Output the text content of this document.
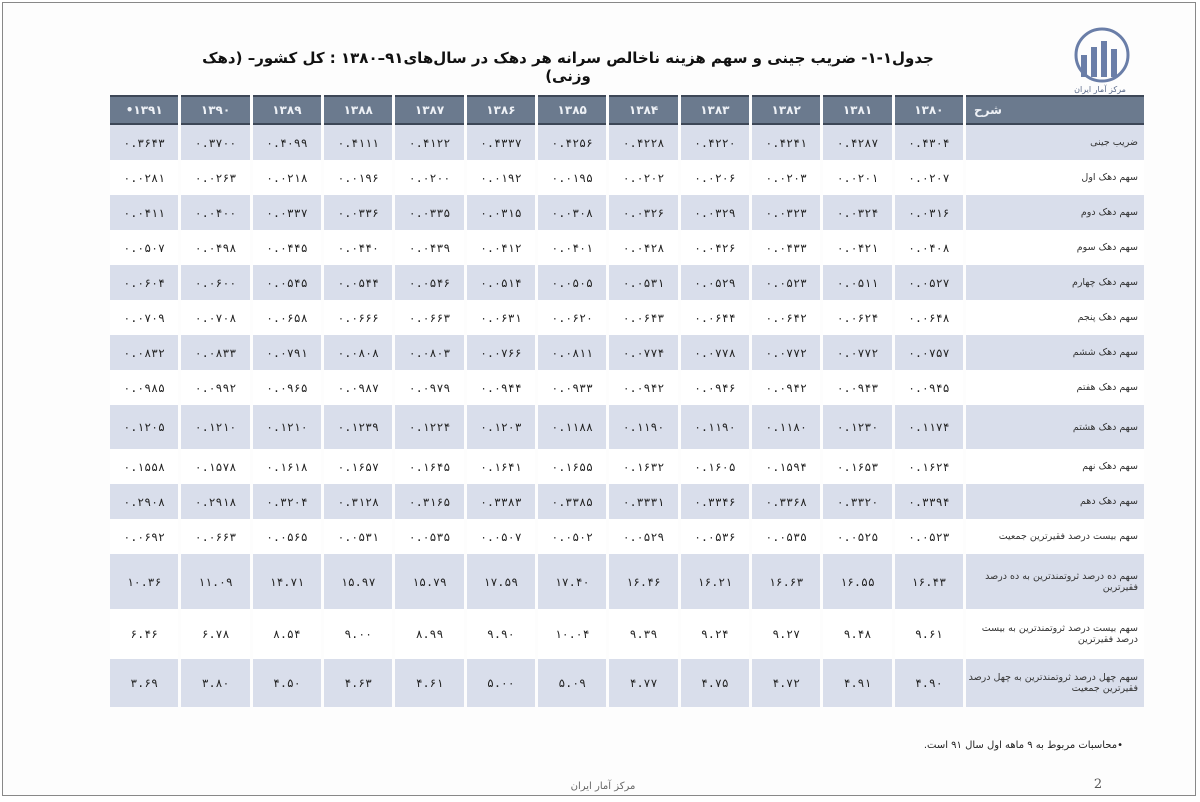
مرکز آمار ایران
جدول۱-۱- ضریب جینی و سهم هزینه ناخالص سرانه هر دهک در سال‌های۹۱–۱۳۸۰ : کل کشور– (دهک وزنی)
شرح	۱۳۸۰	۱۳۸۱	۱۳۸۲	۱۳۸۳	۱۳۸۴	۱۳۸۵	۱۳۸۶	۱۳۸۷	۱۳۸۸	۱۳۸۹	۱۳۹۰	۱۳۹۱•
ضریب جینی	۰.۴۳۰۴	۰.۴۲۸۷	۰.۴۲۴۱	۰.۴۲۲۰	۰.۴۲۲۸	۰.۴۲۵۶	۰.۴۳۳۷	۰.۴۱۲۲	۰.۴۱۱۱	۰.۴۰۹۹	۰.۳۷۰۰	۰.۳۶۴۳
سهم دهک اول	۰.۰۲۰۷	۰.۰۲۰۱	۰.۰۲۰۳	۰.۰۲۰۶	۰.۰۲۰۲	۰.۰۱۹۵	۰.۰۱۹۲	۰.۰۲۰۰	۰.۰۱۹۶	۰.۰۲۱۸	۰.۰۲۶۳	۰.۰۲۸۱
سهم دهک دوم	۰.۰۳۱۶	۰.۰۳۲۴	۰.۰۳۲۳	۰.۰۳۲۹	۰.۰۳۲۶	۰.۰۳۰۸	۰.۰۳۱۵	۰.۰۳۳۵	۰.۰۳۳۶	۰.۰۳۳۷	۰.۰۴۰۰	۰.۰۴۱۱
سهم دهک سوم	۰.۰۴۰۸	۰.۰۴۲۱	۰.۰۴۳۳	۰.۰۴۲۶	۰.۰۴۲۸	۰.۰۴۰۱	۰.۰۴۱۲	۰.۰۴۳۹	۰.۰۴۴۰	۰.۰۴۴۵	۰.۰۴۹۸	۰.۰۵۰۷
سهم دهک چهارم	۰.۰۵۲۷	۰.۰۵۱۱	۰.۰۵۲۳	۰.۰۵۲۹	۰.۰۵۳۱	۰.۰۵۰۵	۰.۰۵۱۴	۰.۰۵۴۶	۰.۰۵۴۴	۰.۰۵۴۵	۰.۰۶۰۰	۰.۰۶۰۴
سهم دهک پنجم	۰.۰۶۴۸	۰.۰۶۲۴	۰.۰۶۴۲	۰.۰۶۴۴	۰.۰۶۴۳	۰.۰۶۲۰	۰.۰۶۳۱	۰.۰۶۶۳	۰.۰۶۶۶	۰.۰۶۵۸	۰.۰۷۰۸	۰.۰۷۰۹
سهم دهک ششم	۰.۰۷۵۷	۰.۰۷۷۲	۰.۰۷۷۲	۰.۰۷۷۸	۰.۰۷۷۴	۰.۰۸۱۱	۰.۰۷۶۶	۰.۰۸۰۳	۰.۰۸۰۸	۰.۰۷۹۱	۰.۰۸۳۳	۰.۰۸۳۲
سهم دهک هفتم	۰.۰۹۴۵	۰.۰۹۴۳	۰.۰۹۴۲	۰.۰۹۴۶	۰.۰۹۴۲	۰.۰۹۳۳	۰.۰۹۴۴	۰.۰۹۷۹	۰.۰۹۸۷	۰.۰۹۶۵	۰.۰۹۹۲	۰.۰۹۸۵
سهم دهک هشتم	۰.۱۱۷۴	۰.۱۲۳۰	۰.۱۱۸۰	۰.۱۱۹۰	۰.۱۱۹۰	۰.۱۱۸۸	۰.۱۲۰۳	۰.۱۲۲۴	۰.۱۲۳۹	۰.۱۲۱۰	۰.۱۲۱۰	۰.۱۲۰۵
سهم دهک نهم	۰.۱۶۲۴	۰.۱۶۵۳	۰.۱۵۹۴	۰.۱۶۰۵	۰.۱۶۳۲	۰.۱۶۵۵	۰.۱۶۴۱	۰.۱۶۴۵	۰.۱۶۵۷	۰.۱۶۱۸	۰.۱۵۷۸	۰.۱۵۵۸
سهم دهک دهم	۰.۳۳۹۴	۰.۳۳۲۰	۰.۳۳۶۸	۰.۳۳۴۶	۰.۳۳۳۱	۰.۳۳۸۵	۰.۳۳۸۳	۰.۳۱۶۵	۰.۳۱۲۸	۰.۳۲۰۴	۰.۲۹۱۸	۰.۲۹۰۸
سهم بیست درصد فقیرترین جمعیت	۰.۰۵۲۳	۰.۰۵۲۵	۰.۰۵۳۵	۰.۰۵۳۶	۰.۰۵۲۹	۰.۰۵۰۲	۰.۰۵۰۷	۰.۰۵۳۵	۰.۰۵۳۱	۰.۰۵۶۵	۰.۰۶۶۳	۰.۰۶۹۲
سهم ده درصد ثروتمندترین به ده درصد فقیرترین	۱۶.۴۳	۱۶.۵۵	۱۶.۶۳	۱۶.۲۱	۱۶.۴۶	۱۷.۴۰	۱۷.۵۹	۱۵.۷۹	۱۵.۹۷	۱۴.۷۱	۱۱.۰۹	۱۰.۳۶
سهم بیست درصد ثروتمندترین به بیست درصد فقیرترین	۹.۶۱	۹.۴۸	۹.۲۷	۹.۲۴	۹.۳۹	۱۰.۰۴	۹.۹۰	۸.۹۹	۹.۰۰	۸.۵۴	۶.۷۸	۶.۴۶
سهم چهل درصد ثروتمندترین به چهل درصد فقیرترین جمعیت	۴.۹۰	۴.۹۱	۴.۷۲	۴.۷۵	۴.۷۷	۵.۰۹	۵.۰۰	۴.۶۱	۴.۶۳	۴.۵۰	۳.۸۰	۳.۶۹
•محاسبات مربوط به ۹ ماهه اول سال ۹۱ است.
مرکز آمار ایران	2
